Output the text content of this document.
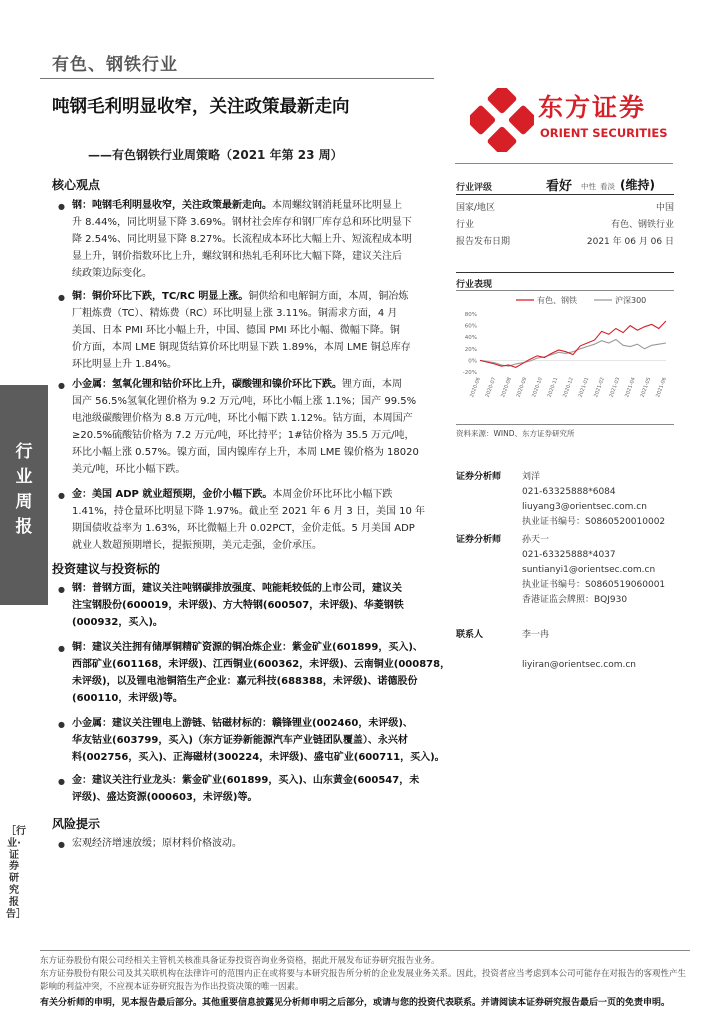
行
业
周
报
［行业·证券研究报告］
有色、钢铁行业
吨钢毛利明显收窄，关注政策最新走向
——有色钢铁行业周策略（2021 年第 23 周）
东方证券
ORIENT SECURITIES
核心观点
● 钢：吨钢毛利明显收窄，关注政策最新走向。本周螺纹钢消耗量环比明显上
升 8.44%，同比明显下降 3.69%。钢材社会库存和钢厂库存总和环比明显下
降 2.54%、同比明显下降 8.27%。长流程成本环比大幅上升、短流程成本明
显上升，钢价指数环比上升，螺纹钢和热轧毛利环比大幅下降，建议关注后
续政策边际变化。
● 铜：铜价环比下跌，TC/RC 明显上涨。铜供给和电解铜方面，本周，铜冶炼
厂粗炼费（TC）、精炼费（RC）环比明显上涨 3.11%。铜需求方面，4 月
美国、日本 PMI 环比小幅上升，中国、德国 PMI 环比小幅、微幅下降。铜
价方面，本周 LME 铜现货结算价环比明显下跌 1.89%，本周 LME 铜总库存
环比明显上升 1.84%。
● 小金属：氢氧化锂和钴价环比上升，碳酸锂和镍价环比下跌。锂方面，本周
国产 56.5%氢氧化锂价格为 9.2 万元/吨，环比小幅上涨 1.1%；国产 99.5%
电池级碳酸锂价格为 8.8 万元/吨，环比小幅下跌 1.12%。钴方面，本周国产
≥20.5%硫酸钴价格为 7.2 万元/吨，环比持平；1#钴价格为 35.5 万元/吨，
环比小幅上涨 0.57%。镍方面，国内镍库存上升，本周 LME 镍价格为 18020
美元/吨，环比小幅下跌。
● 金：美国 ADP 就业超预期，金价小幅下跌。本周金价环比环比小幅下跌
1.41%，持仓量环比明显下降 1.97%。截止至 2021 年 6 月 3 日，美国 10 年
期国债收益率为 1.63%，环比微幅上升 0.02PCT，金价走低。5 月美国 ADP
就业人数超预期增长，提振预期，美元走强，金价承压。
投资建议与投资标的
● 钢：普钢方面，建议关注吨钢碳排放强度、吨能耗较低的上市公司，建议关
注宝钢股份(600019，未评级)、方大特钢(600507，未评级)、华菱钢铁
(000932，买入)。
● 铜：建议关注拥有储厚铜精矿资源的铜冶炼企业：紫金矿业(601899，买入)、
西部矿业(601168，未评级)、江西铜业(600362，未评级)、云南铜业(000878，
未评级)，以及锂电池铜箔生产企业：嘉元科技(688388，未评级)、诺德股份
(600110，未评级)等。
● 小金属：建议关注锂电上游链、钴磁材标的：赣锋锂业(002460，未评级)、
华友钴业(603799，买入)（东方证券新能源汽车产业链团队覆盖）、永兴材
料(002756，买入)、正海磁材(300224，未评级)、盛屯矿业(600711，买入)。
● 金：建议关注行业龙头：紫金矿业(601899，买入)、山东黄金(600547，未
评级)、盛达资源(000603，未评级)等。
风险提示
● 宏观经济增速放缓；原材料价格波动。
行业评级	看好 中性 看淡 (维持)
国家/地区	中国
行业	有色、钢铁行业
报告发布日期	2021 年 06 月 06 日
行业表现
有色、钢铁	沪深300
80%
60%
40%
20%
0%
-20%
2020-06 2020-07 2020-08 2020-09 2020-10 2020-11 2020-12 2021-01 2021-02 2021-03 2021-04 2021-05 2021-06
资料来源：WIND、东方证券研究所
证券分析师 刘洋
021-63325888*6084
liuyang3@orientsec.com.cn
执业证书编号：S0860520010002
证券分析师 孙天一
021-63325888*4037
suntianyi1@orientsec.com.cn
执业证书编号：S0860519060001
香港证监会牌照：BQJ930
联系人	李一冉
liyiran@orientsec.com.cn
东方证券股份有限公司经相关主管机关核准具备证券投资咨询业务资格，据此开展发布证券研究报告业务。
东方证券股份有限公司及其关联机构在法律许可的范围内正在或将要与本研究报告所分析的企业发展业务关系。因此，投资者应当考虑到本公司可能存在对报告的客观性产生影响的利益冲突，不应视本证券研究报告为作出投资决策的唯一因素。
有关分析师的申明，见本报告最后部分。其他重要信息披露见分析师申明之后部分，或请与您的投资代表联系。并请阅读本证券研究报告最后一页的免责申明。
